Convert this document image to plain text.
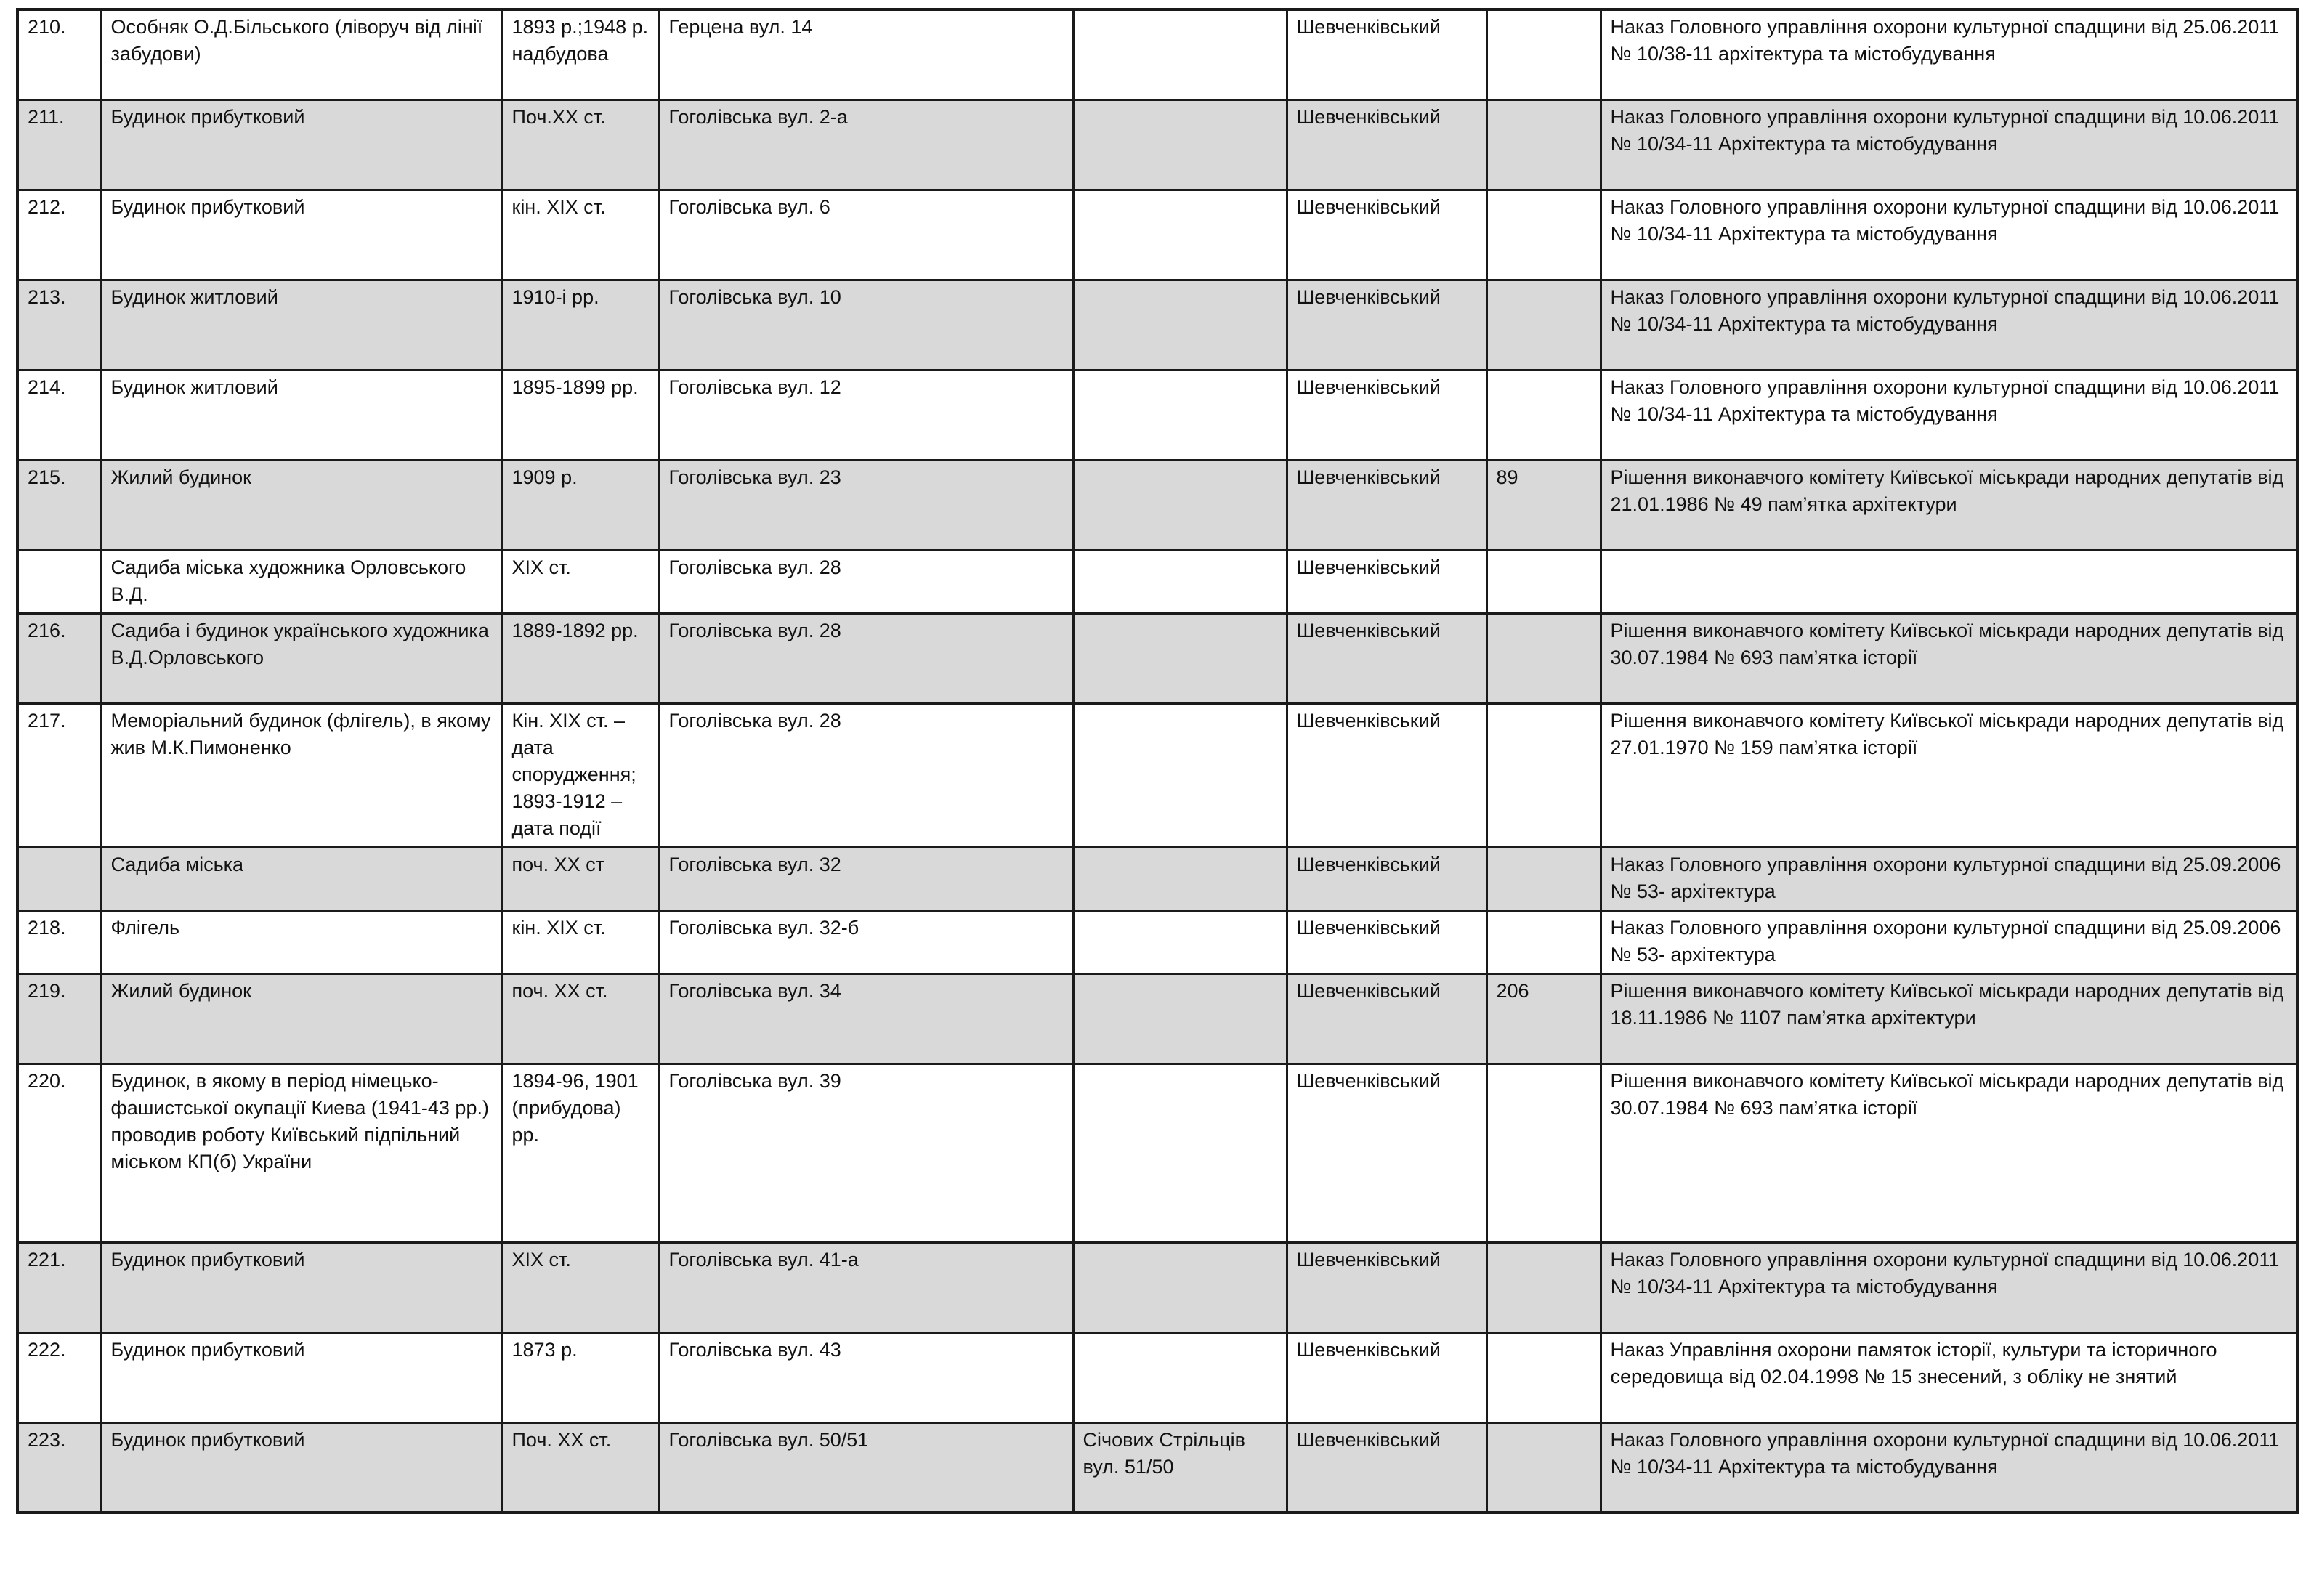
210.	Особняк О.Д.Більського (ліворуч від лінії забудови)	1893 р.;1948 р. надбудова	Герцена вул. 14		Шевченківський		Наказ Головного управління охорони культурної спадщини від 25.06.2011 № 10/38-11 архітектура та містобудування
211.	Будинок прибутковий	Поч.ХХ ст.	Гоголівська вул. 2-а		Шевченківський		Наказ Головного управління охорони культурної спадщини від 10.06.2011 № 10/34-11 Архітектура та містобудування
212.	Будинок прибутковий	кін. ХІХ ст.	Гоголівська вул. 6		Шевченківський		Наказ Головного управління охорони культурної спадщини від 10.06.2011 № 10/34-11 Архітектура та містобудування
213.	Будинок житловий	1910-і рр.	Гоголівська вул. 10		Шевченківський		Наказ Головного управління охорони культурної спадщини від 10.06.2011 № 10/34-11 Архітектура та містобудування
214.	Будинок житловий	1895-1899 рр.	Гоголівська вул. 12		Шевченківський		Наказ Головного управління охорони культурної спадщини від 10.06.2011 № 10/34-11 Архітектура та містобудування
215.	Жилий будинок	1909 р.	Гоголівська вул. 23		Шевченківський	89	Рішення виконавчого комітету Київської міськради народних депутатів від 21.01.1986 № 49 пам’ятка архітектури
	Садиба міська художника Орловського В.Д.	ХІХ ст.	Гоголівська вул. 28		Шевченківський		
216.	Садиба і будинок українського художника В.Д.Орловського	1889-1892 рр.	Гоголівська вул. 28		Шевченківський		Рішення виконавчого комітету Київської міськради народних депутатів від 30.07.1984 № 693 пам’ятка історії
217.	Меморіальний будинок (флігель), в якому жив М.К.Пимоненко	Кін. ХІХ ст. – дата спорудження; 1893-1912 – дата події	Гоголівська вул. 28		Шевченківський		Рішення виконавчого комітету Київської міськради народних депутатів від 27.01.1970 № 159 пам’ятка історії
	Садиба міська	поч. ХХ ст	Гоголівська вул. 32		Шевченківський		Наказ Головного управління охорони культурної спадщини від 25.09.2006 № 53- архітектура
218.	Флігель	кін. ХІХ ст.	Гоголівська вул. 32-б		Шевченківський		Наказ Головного управління охорони культурної спадщини від 25.09.2006 № 53- архітектура
219.	Жилий будинок	поч. ХХ ст.	Гоголівська вул. 34		Шевченківський	206	Рішення виконавчого комітету Київської міськради народних депутатів від 18.11.1986 № 1107 пам’ятка архітектури
220.	Будинок, в якому в період німецько-фашистської окупації Киева (1941-43 рр.) проводив роботу Київський підпільний міськом КП(б) України	1894-96, 1901 (прибудова) рр.	Гоголівська вул. 39		Шевченківський		Рішення виконавчого комітету Київської міськради народних депутатів від 30.07.1984 № 693 пам’ятка історії
221.	Будинок прибутковий	ХІХ ст.	Гоголівська вул. 41-а		Шевченківський		Наказ Головного управління охорони культурної спадщини від 10.06.2011 № 10/34-11 Архітектура та містобудування
222.	Будинок прибутковий	1873 р.	Гоголівська вул. 43		Шевченківський		Наказ Управління охорони памяток історії, культури та історичного середовища від 02.04.1998 № 15 знесений, з обліку не знятий
223.	Будинок прибутковий	Поч. ХХ ст.	Гоголівська вул. 50/51	Січових Стрільців вул. 51/50	Шевченківський		Наказ Головного управління охорони культурної спадщини від 10.06.2011 № 10/34-11 Архітектура та містобудування
